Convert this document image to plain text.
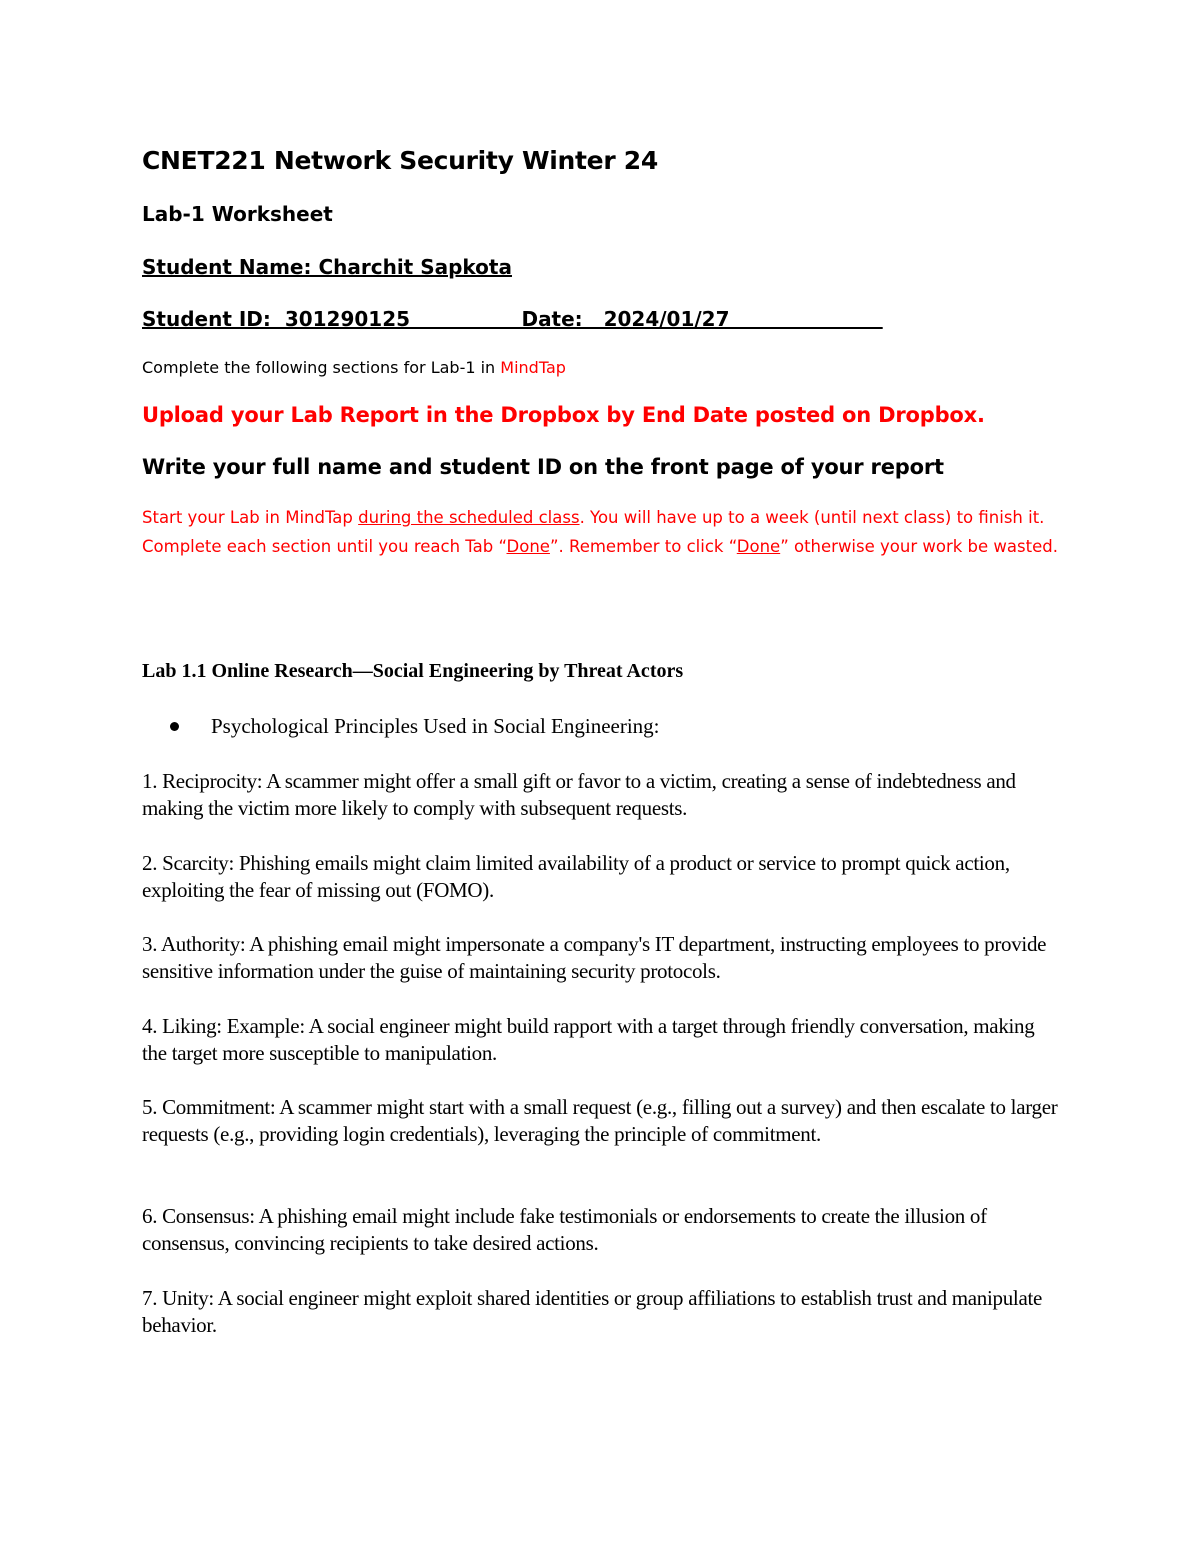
CNET221 Network Security Winter 24
Lab-1 Worksheet
Student Name: Charchit Sapkota
Student ID:  301290125                Date:   2024/01/27
Complete the following sections for Lab-1 in MindTap
Upload your Lab Report in the Dropbox by End Date posted on Dropbox.
Write your full name and student ID on the front page of your report
Start your Lab in MindTap during the scheduled class. You will have up to a week (until next class) to finish it. Complete each section until you reach Tab “Done”. Remember to click “Done” otherwise your work be wasted.
Lab 1.1 Online Research—Social Engineering by Threat Actors
Psychological Principles Used in Social Engineering:

1. Reciprocity: A scammer might offer a small gift or favor to a victim, creating a sense of indebtedness and making the victim more likely to comply with subsequent requests.

2. Scarcity: Phishing emails might claim limited availability of a product or service to prompt quick action, exploiting the fear of missing out (FOMO).

3. Authority: A phishing email might impersonate a company's IT department, instructing employees to provide sensitive information under the guise of maintaining security protocols.

4. Liking: Example: A social engineer might build rapport with a target through friendly conversation, making the target more susceptible to manipulation.

5. Commitment: A scammer might start with a small request (e.g., filling out a survey) and then escalate to larger requests (e.g., providing login credentials), leveraging the principle of commitment.

6. Consensus: A phishing email might include fake testimonials or endorsements to create the illusion of consensus, convincing recipients to take desired actions.

7. Unity: A social engineer might exploit shared identities or group affiliations to establish trust and manipulate behavior.
